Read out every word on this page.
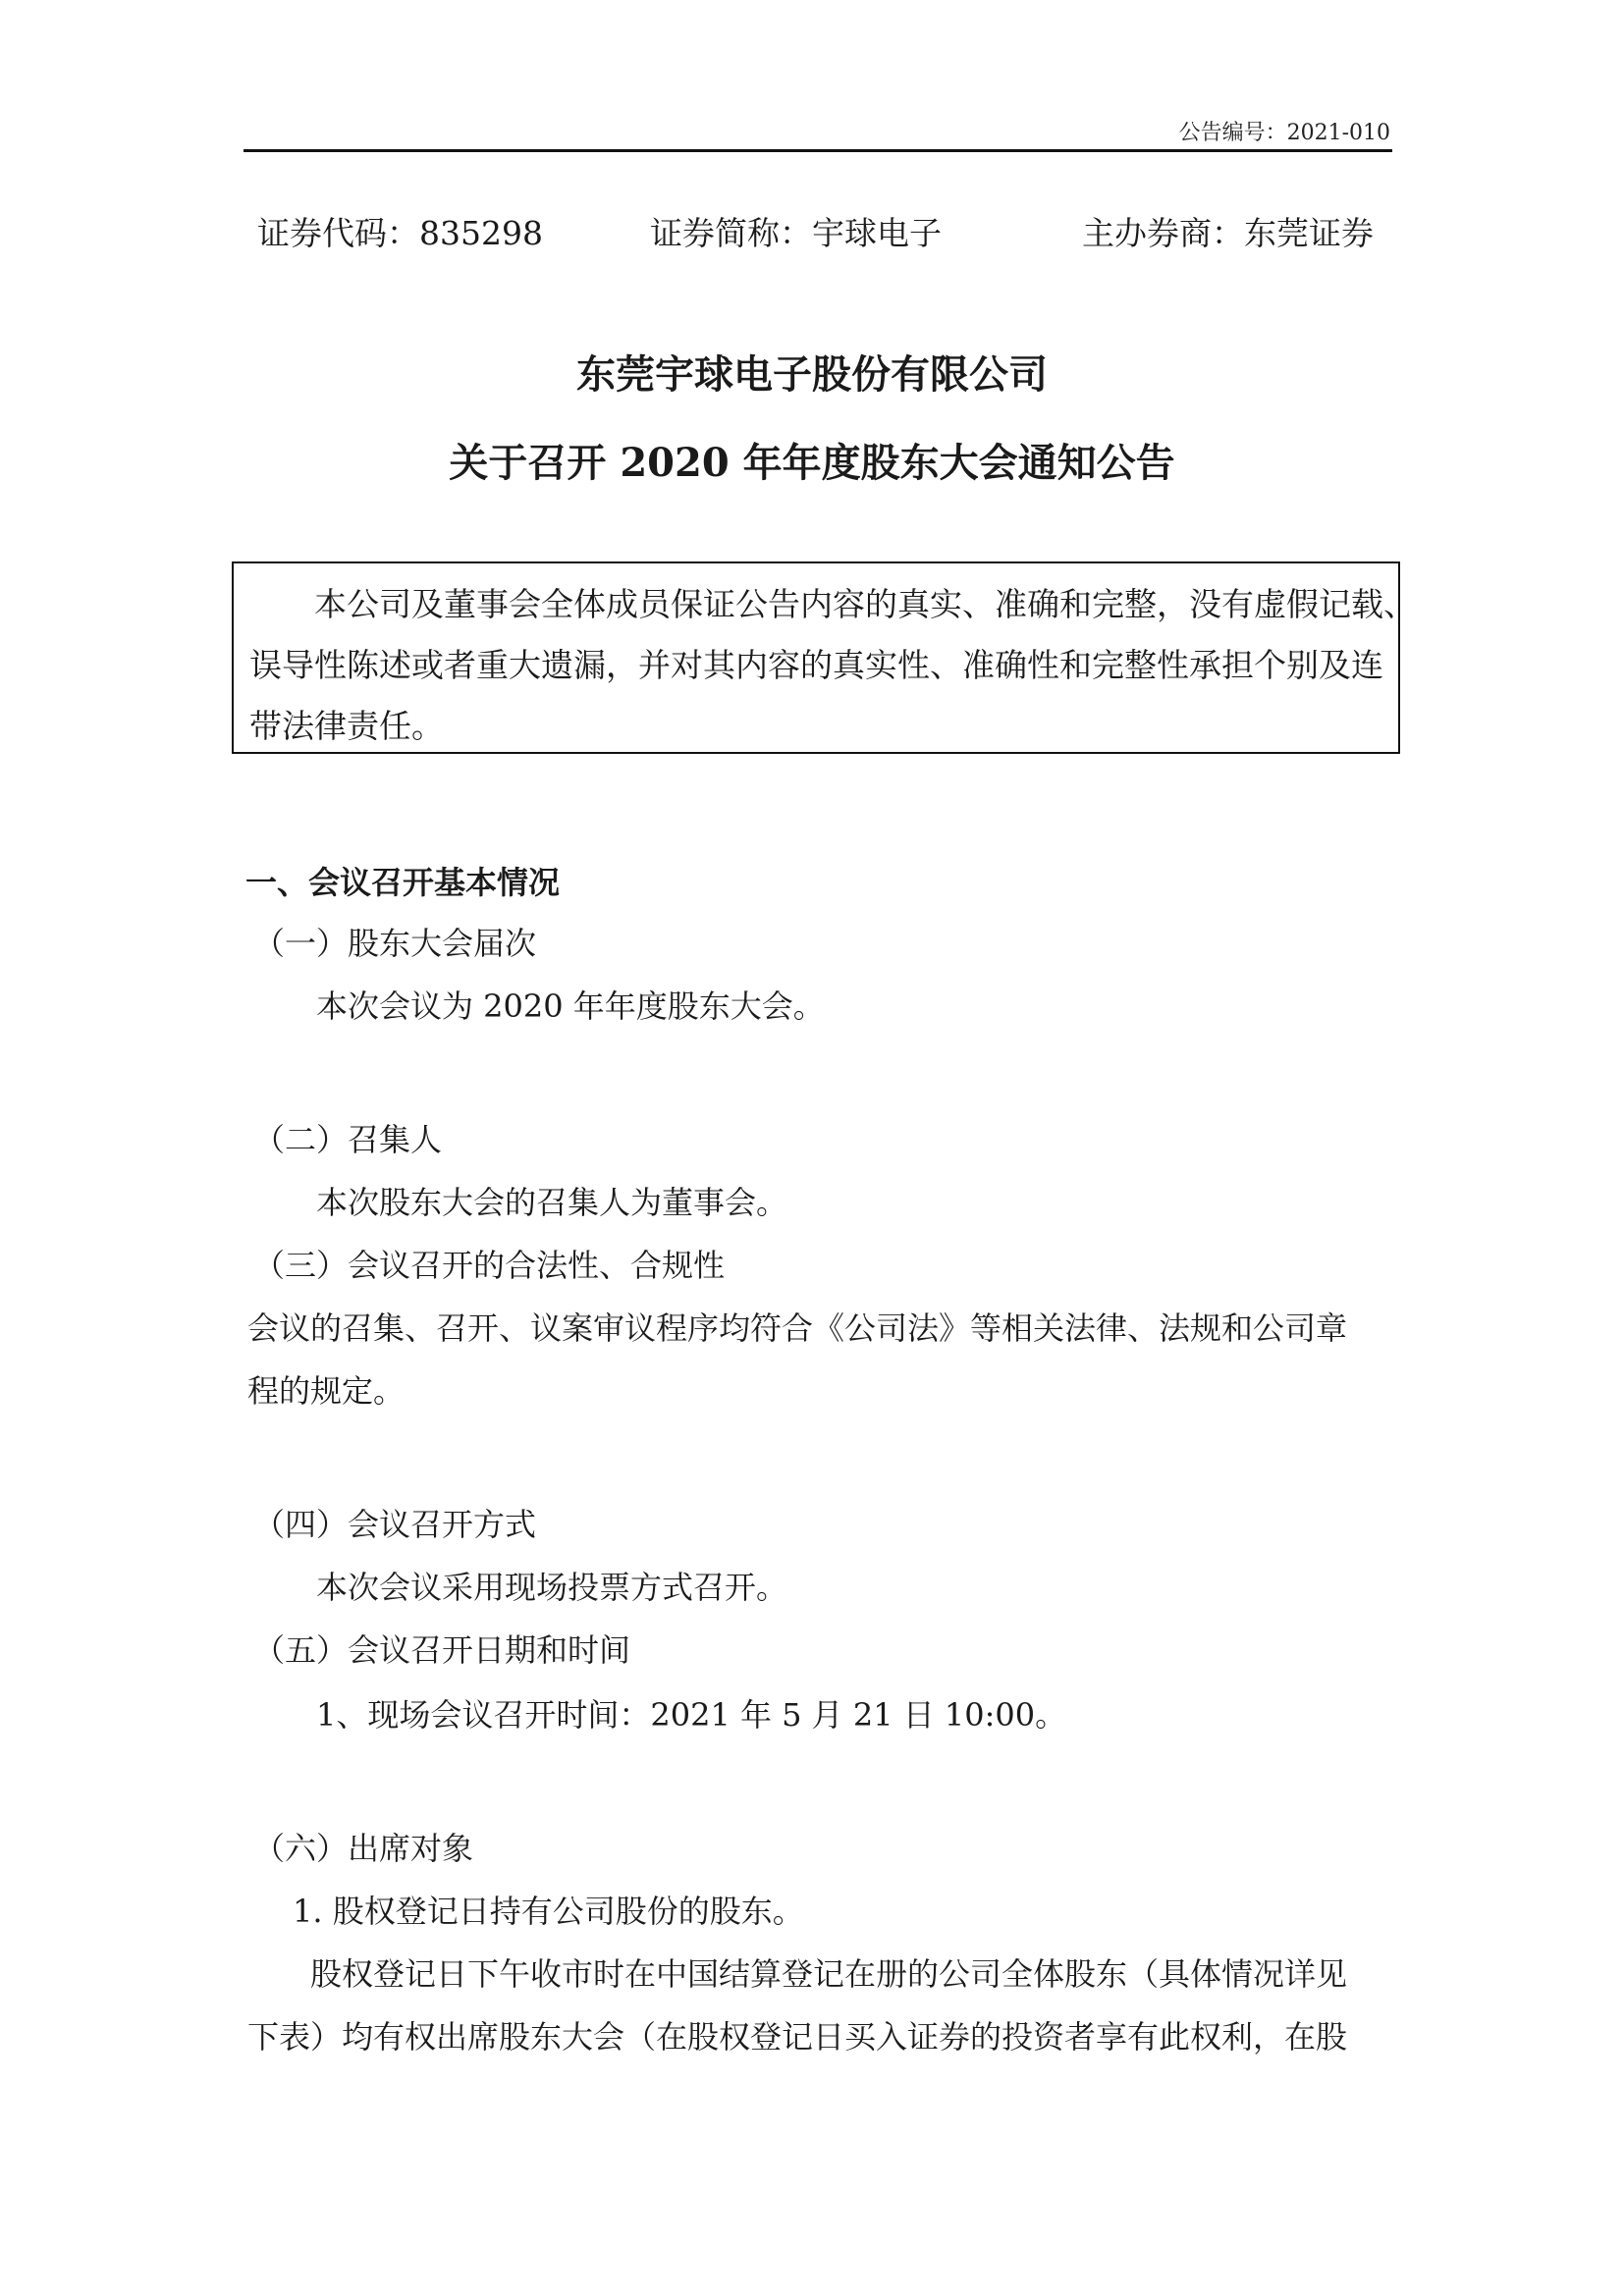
公告编号：2021-010
证券代码：835298	证券简称：宇球电子	主办券商：东莞证券
东莞宇球电子股份有限公司
关于召开 2020 年年度股东大会通知公告
本公司及董事会全体成员保证公告内容的真实、准确和完整，没有虚假记载、
误导性陈述或者重大遗漏，并对其内容的真实性、准确性和完整性承担个别及连
带法律责任。
一、会议召开基本情况
（一）股东大会届次
本次会议为 2020 年年度股东大会。
（二）召集人
本次股东大会的召集人为董事会。
（三）会议召开的合法性、合规性
会议的召集、召开、议案审议程序均符合《公司法》等相关法律、法规和公司章
程的规定。
（四）会议召开方式
本次会议采用现场投票方式召开。
（五）会议召开日期和时间
1、现场会议召开时间：2021 年 5 月 21 日 10:00。
（六）出席对象
1. 股权登记日持有公司股份的股东。
股权登记日下午收市时在中国结算登记在册的公司全体股东（具体情况详见
下表）均有权出席股东大会（在股权登记日买入证券的投资者享有此权利，在股
